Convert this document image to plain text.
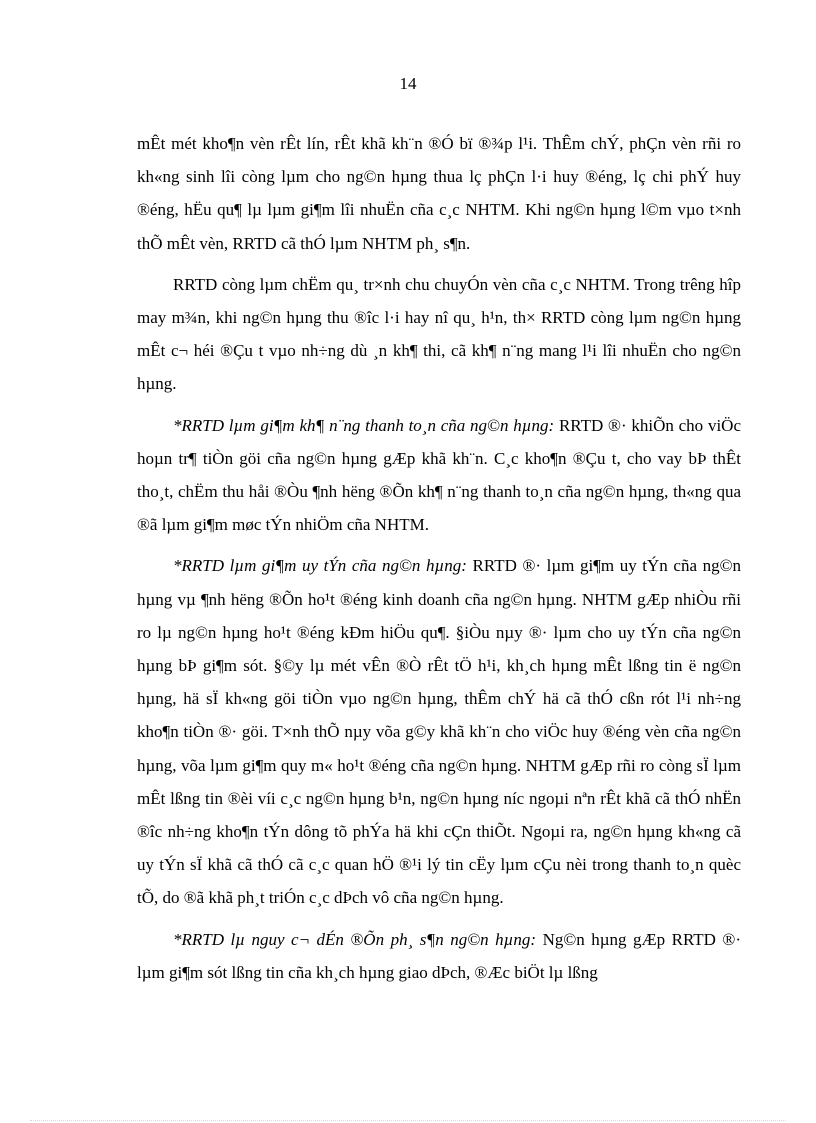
14

mÊt mét kho¶n vèn rÊt lín, rÊt khã kh¨n ®Ó bï ®¾p l¹i. ThÊm chÝ, phÇn vèn rñi ro kh«ng sinh lîi còng lµm cho ng©n hµng thua lç phÇn l·i huy ®éng, lç chi phÝ huy ®éng, hËu qu¶ lµ lµm gi¶m lîi nhuËn cña c¸c NHTM. Khi ng©n hµng l©m vµo t×nh thÕ mÊt vèn, RRTD cã thÓ lµm NHTM ph¸ s¶n.

RRTD còng lµm chËm qu¸ tr×nh chu chuyÓn vèn cña c¸c NHTM. Trong trêng hîp may m¾n, khi ng©n hµng thu ®îc l·i hay nî qu¸ h¹n, th× RRTD còng lµm ng©n hµng mÊt c¬ héi ®Çu t vµo nh÷ng dù ¸n kh¶ thi, cã kh¶ n¨ng mang l¹i lîi nhuËn cho ng©n hµng.

*RRTD lµm gi¶m kh¶ n¨ng thanh to¸n cña ng©n hµng: RRTD ®· khiÕn cho viÖc hoµn tr¶ tiÒn göi cña ng©n hµng gÆp khã kh¨n. C¸c kho¶n ®Çu t, cho vay bÞ thÊt tho¸t, chËm thu håi ®Òu ¶nh hëng ®Õn kh¶ n¨ng thanh to¸n cña ng©n hµng, th«ng qua ®ã lµm gi¶m møc tÝn nhiÖm cña NHTM.

*RRTD lµm gi¶m uy tÝn cña ng©n hµng: RRTD ®· lµm gi¶m uy tÝn cña ng©n hµng vµ ¶nh hëng ®Õn ho¹t ®éng kinh doanh cña ng©n hµng. NHTM gÆp nhiÒu rñi ro lµ ng©n hµng ho¹t ®éng kÐm hiÖu qu¶. §iÒu nµy ®· lµm cho uy tÝn cña ng©n hµng bÞ gi¶m sót. §©y lµ mét vÊn ®Ò rÊt tÖ h¹i, kh¸ch hµng mÊt lßng tin ë ng©n hµng, hä sÏ kh«ng göi tiÒn vµo ng©n hµng, thÊm chÝ hä cã thÓ cßn rót l¹i nh÷ng kho¶n tiÒn ®· göi. T×nh thÕ nµy võa g©y khã kh¨n cho viÖc huy ®éng vèn cña ng©n hµng, võa lµm gi¶m quy m« ho¹t ®éng cña ng©n hµng. NHTM gÆp rñi ro còng sÏ lµm mÊt lßng tin ®èi víi c¸c ng©n hµng b¹n, ng©n hµng níc ngoµi nªn rÊt khã cã thÓ nhËn ®îc nh÷ng kho¶n tÝn dông tõ phÝa hä khi cÇn thiÕt. Ngoµi ra, ng©n hµng kh«ng cã uy tÝn sÏ khã cã thÓ cã c¸c quan hÖ ®¹i lý tin cËy lµm cÇu nèi trong thanh to¸n quèc tÕ, do ®ã khã ph¸t triÓn c¸c dÞch vô cña ng©n hµng.

*RRTD lµ nguy c¬ dÉn ®Õn ph¸ s¶n ng©n hµng: Ng©n hµng gÆp RRTD ®· lµm gi¶m sót lßng tin cña kh¸ch hµng giao dÞch, ®Æc biÖt lµ lßng
